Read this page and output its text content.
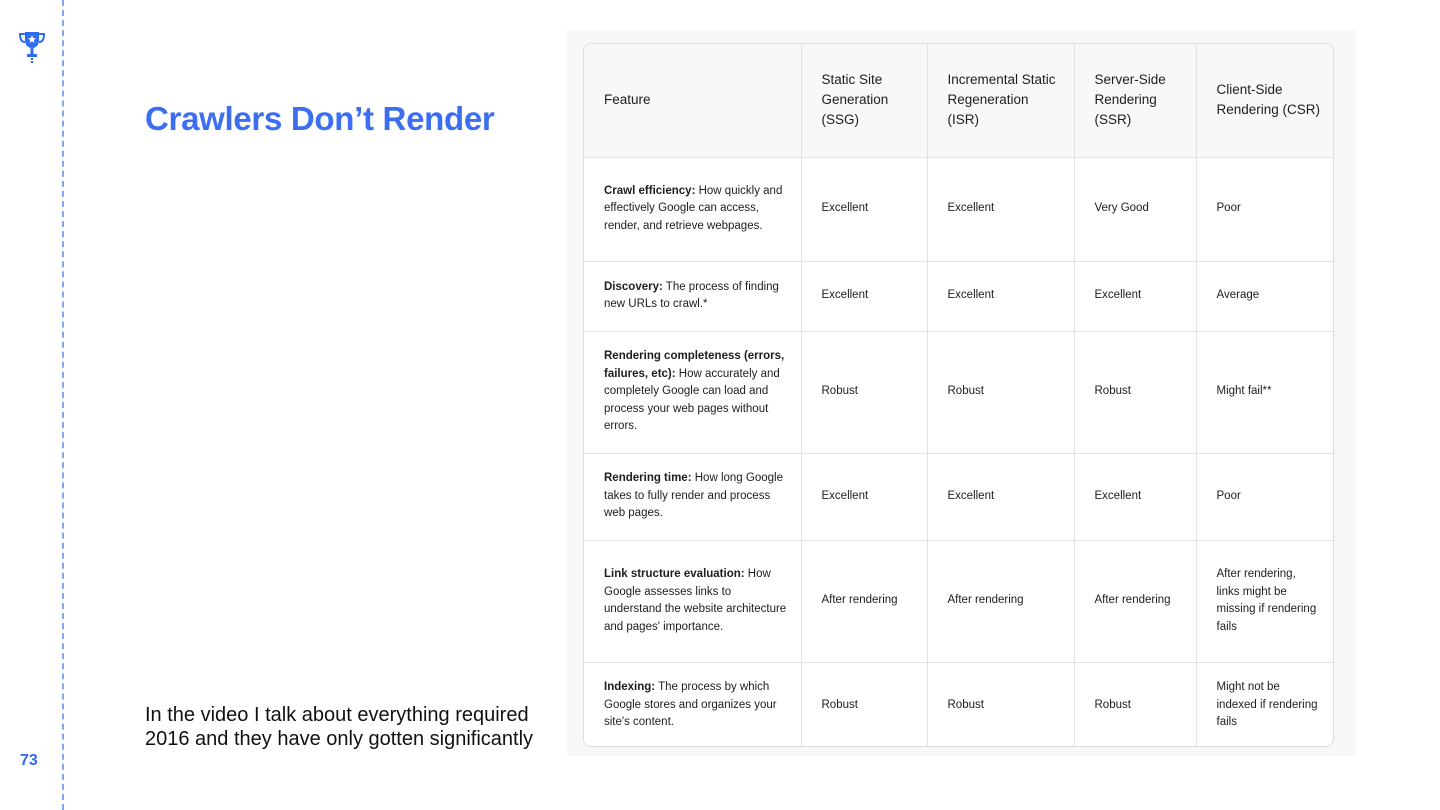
73
Crawlers Don’t Render
In the video I talk about everything required
2016 and they have only gotten significantly
Feature	Static Site Generation (SSG)	Incremental Static Regeneration (ISR)	Server-Side Rendering (SSR)	Client-Side Rendering (CSR)
Crawl efficiency: How quickly and effectively Google can access, render, and retrieve webpages.	Excellent	Excellent	Very Good	Poor
Discovery: The process of finding new URLs to crawl.*	Excellent	Excellent	Excellent	Average
Rendering completeness (errors, failures, etc): How accurately and completely Google can load and process your web pages without errors.	Robust	Robust	Robust	Might fail**
Rendering time: How long Google takes to fully render and process web pages.	Excellent	Excellent	Excellent	Poor
Link structure evaluation: How Google assesses links to understand the website architecture and pages' importance.	After rendering	After rendering	After rendering	After rendering, links might be missing if rendering fails
Indexing: The process by which Google stores and organizes your site's content.	Robust	Robust	Robust	Might not be indexed if rendering fails
